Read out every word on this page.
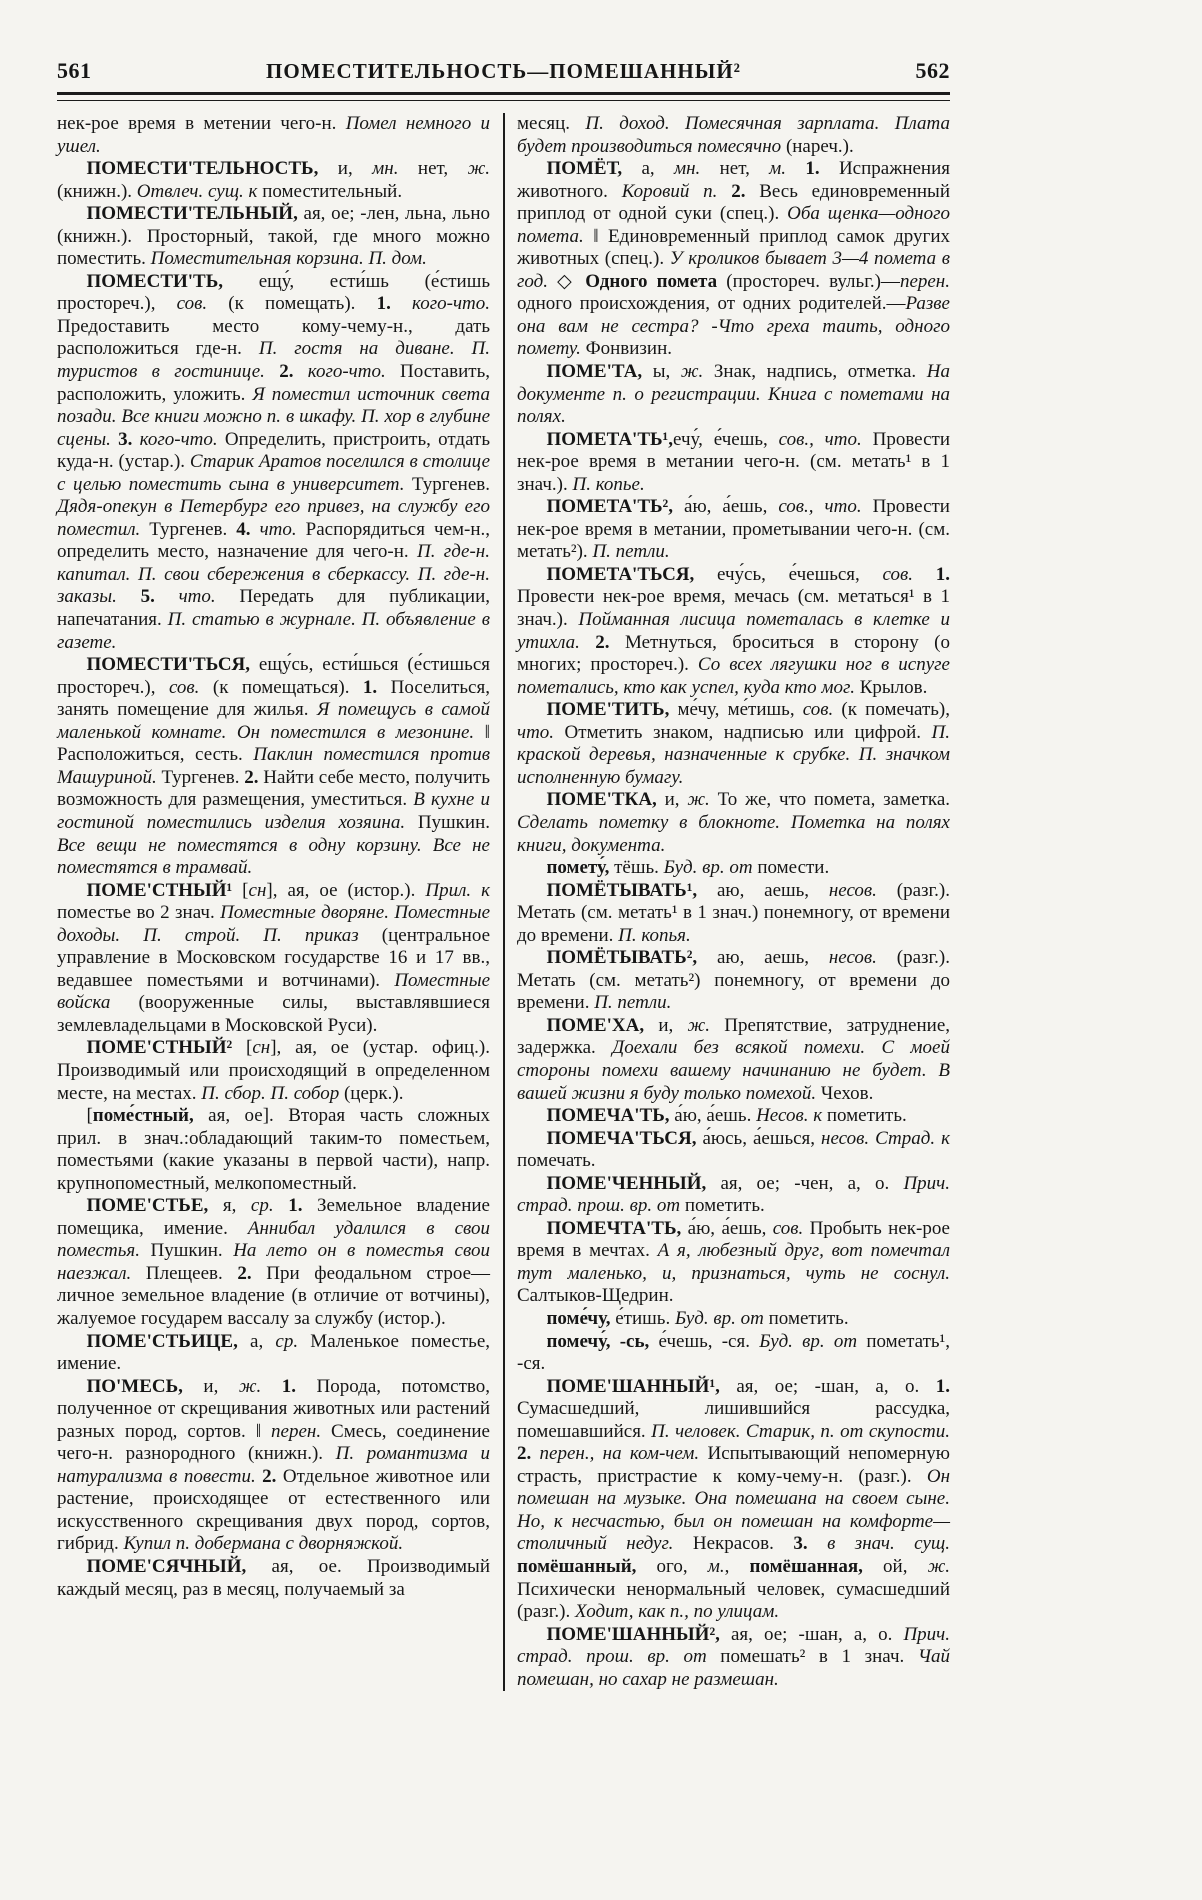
561	ПОМЕСТИТЕЛЬНОСТЬ—ПОМЕШАННЫЙ²	562

нек-рое время в метении чего-н. Помел немного и ушел.

ПОМЕСТИ'ТЕЛЬНОСТЬ, и, мн. нет, ж. (книжн.). Отвлеч. сущ. к поместительный.

ПОМЕСТИ'ТЕЛЬНЫЙ, ая, ое; -лен, льна, льно (книжн.). Просторный, такой, где много можно поместить. Поместительная корзина. П. дом.

ПОМЕСТИ'ТЬ, ещу́, ести́шь (е́стишь простореч.), сов. (к помещать). 1. кого-что. Предоставить место кому-чему-н., дать расположиться где-н. П. гостя на диване. П. туристов в гостинице. 2. кого-что. Поставить, расположить, уложить. Я поместил источник света позади. Все книги можно п. в шкафу. П. хор в глубине сцены. 3. кого-что. Определить, пристроить, отдать куда-н. (устар.). Старик Аратов поселился в столице с целью поместить сына в университет. Тургенев. Дядя-опекун в Петербург его привез, на службу его поместил. Тургенев. 4. что. Распорядиться чем-н., определить место, назначение для чего-н. П. где-н. капитал. П. свои сбережения в сберкассу. П. где-н. заказы. 5. что. Передать для публикации, напечатания. П. статью в журнале. П. объявление в газете.

ПОМЕСТИ'ТЬСЯ, ещу́сь, ести́шься (е́стишься простореч.), сов. (к помещаться). 1. Поселиться, занять помещение для жилья. Я помещусь в самой маленькой комнате. Он поместился в мезонине. ‖ Расположиться, сесть. Паклин поместился против Машуриной. Тургенев. 2. Найти себе место, получить возможность для размещения, уместиться. В кухне и гостиной поместились изделия хозяина. Пушкин. Все вещи не поместятся в одну корзину. Все не поместятся в трамвай.

ПОМЕ'СТНЫЙ¹ [сн], ая, ое (истор.). Прил. к поместье во 2 знач. Поместные дворяне. Поместные доходы. П. строй. П. приказ (центральное управление в Московском государстве 16 и 17 вв., ведавшее поместьями и вотчинами). Поместные войска (вооруженные силы, выставлявшиеся землевладельцами в Московской Руси).

ПОМЕ'СТНЫЙ² [сн], ая, ое (устар. офиц.). Производимый или происходящий в определенном месте, на местах. П. сбор. П. собор (церк.).

[поме́стный, ая, ое]. Вторая часть сложных прил. в знач.:обладающий таким-то поместьем, поместьями (какие указаны в первой части), напр. крупнопоместный, мелкопоместный.

ПОМЕ'СТЬЕ, я, ср. 1. Земельное владение помещика, имение. Аннибал удалился в свои поместья. Пушкин. На лето он в поместья свои наезжал. Плещеев. 2. При феодальном строе—личное земельное владение (в отличие от вотчины), жалуемое государем вассалу за службу (истор.).

ПОМЕ'СТЬИЦЕ, а, ср. Маленькое поместье, имение.

ПО'МЕСЬ, и, ж. 1. Порода, потомство, полученное от скрещивания животных или растений разных пород, сортов. ‖ перен. Смесь, соединение чего-н. разнородного (книжн.). П. романтизма и натурализма в повести. 2. Отдельное животное или растение, происходящее от естественного или искусственного скрещивания двух пород, сортов, гибрид. Купил п. добермана с дворняжкой.

ПОМЕ'СЯЧНЫЙ, ая, ое. Производимый каждый месяц, раз в месяц, получаемый за

месяц. П. доход. Помесячная зарплата. Плата будет производиться помесячно (нареч.).

ПОМЁТ, а, мн. нет, м. 1. Испражнения животного. Коровий п. 2. Весь единовременный приплод от одной суки (спец.). Оба щенка—одного помета. ‖ Единовременный приплод самок других животных (спец.). У кроликов бывает 3—4 помета в год. ◇ Одного помета (простореч. вульг.)—перен. одного происхождения, от одних родителей.—Разве она вам не сестра? -Что греха таить, одного помету. Фонвизин.

ПОМЕ'ТА, ы, ж. Знак, надпись, отметка. На документе п. о регистрации. Книга с пометами на полях.

ПОМЕТА'ТЬ¹,ечу́, е́чешь, сов., что. Провести нек-рое время в метании чего-н. (см. метать¹ в 1 знач.). П. копье.

ПОМЕТА'ТЬ², а́ю, а́ешь, сов., что. Провести нек-рое время в метании, прометывании чего-н. (см. метать²). П. петли.

ПОМЕТА'ТЬСЯ, ечу́сь, е́чешься, сов. 1. Провести нек-рое время, мечась (см. метаться¹ в 1 знач.). Пойманная лисица пометалась в клетке и утихла. 2. Метнуться, броситься в сторону (о многих; простореч.). Со всех лягушки ног в испуге пометались, кто как успел, куда кто мог. Крылов.

ПОМЕ'ТИТЬ, ме́чу, ме́тишь, сов. (к помечать), что. Отметить знаком, надписью или цифрой. П. краской деревья, назначенные к срубке. П. значком исполненную бумагу.

ПОМЕ'ТКА, и, ж. То же, что помета, заметка. Сделать пометку в блокноте. Пометка на полях книги, документа.

помету́, тёшь. Буд. вр. от помести.

ПОМЁТЫВАТЬ¹, аю, аешь, несов. (разг.). Метать (см. метать¹ в 1 знач.) понемногу, от времени до времени. П. копья.

ПОМЁТЫВАТЬ², аю, аешь, несов. (разг.). Метать (см. метать²) понемногу, от времени до времени. П. петли.

ПОМЕ'ХА, и, ж. Препятствие, затруднение, задержка. Доехали без всякой помехи. С моей стороны помехи вашему начинанию не будет. В вашей жизни я буду только помехой. Чехов.

ПОМЕЧА'ТЬ, а́ю, а́ешь. Несов. к пометить.

ПОМЕЧА'ТЬСЯ, а́юсь, а́ешься, несов. Страд. к помечать.

ПОМЕ'ЧЕННЫЙ, ая, ое; -чен, а, о. Прич. страд. прош. вр. от пометить.

ПОМЕЧТА'ТЬ, а́ю, а́ешь, сов. Пробыть нек-рое время в мечтах. А я, любезный друг, вот помечтал тут маленько, и, признаться, чуть не соснул. Салтыков-Щедрин.

поме́чу, е́тишь. Буд. вр. от пометить.

помечу́, -сь, е́чешь, -ся. Буд. вр. от пометать¹, -ся.

ПОМЕ'ШАННЫЙ¹, ая, ое; -шан, а, о. 1. Сумасшедший, лишившийся рассудка, помешавшийся. П. человек. Старик, п. от скупости. 2. перен., на ком-чем. Испытывающий непомерную страсть, пристрастие к кому-чему-н. (разг.). Он помешан на музыке. Она помешана на своем сыне. Но, к несчастью, был он помешан на комфорте—столичный недуг. Некрасов. 3. в знач. сущ. помёшанный, ого, м., помёшанная, ой, ж. Психически ненормальный человек, сумасшедший (разг.). Ходит, как п., по улицам.

ПОМЕ'ШАННЫЙ², ая, ое; -шан, а, о. Прич. страд. прош. вр. от помешать² в 1 знач. Чай помешан, но сахар не размешан.
